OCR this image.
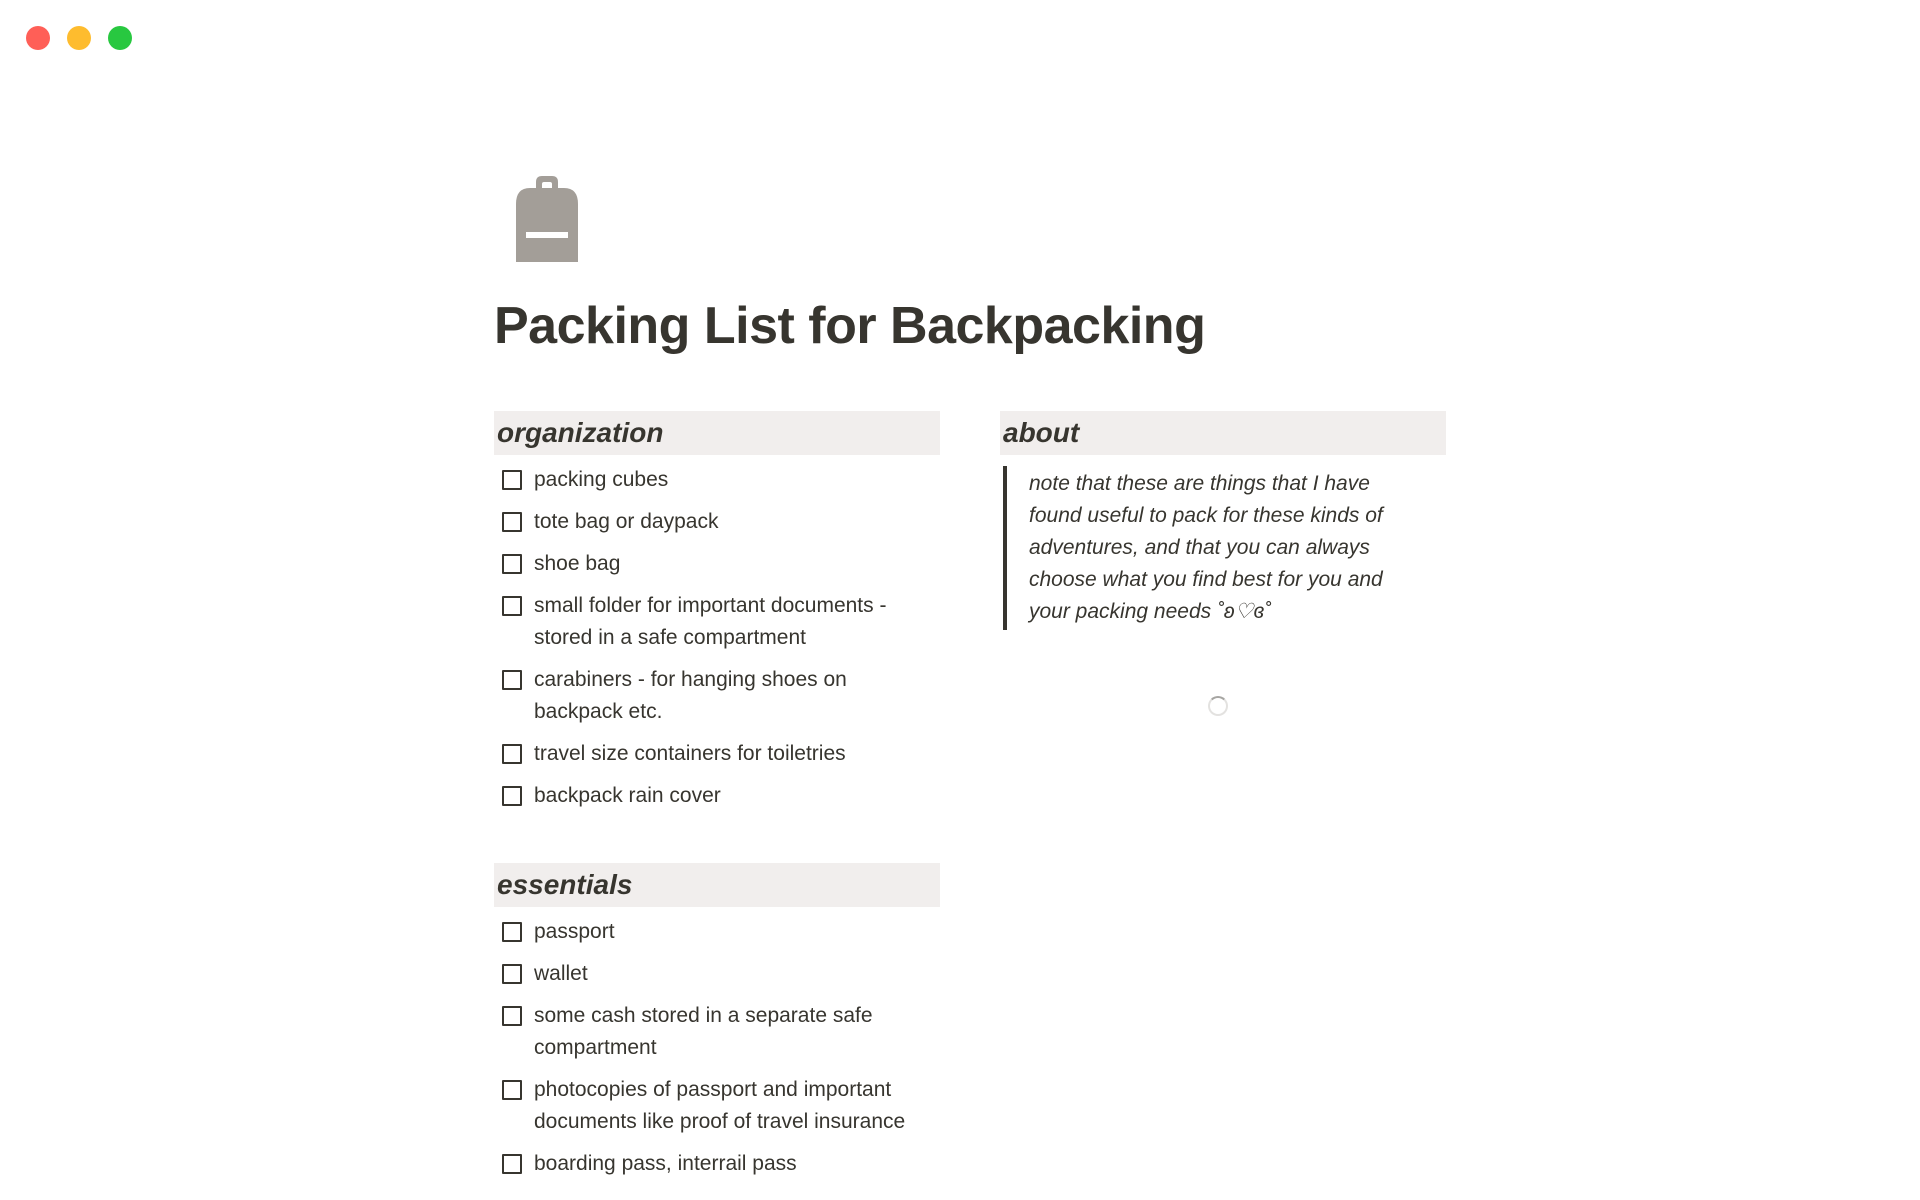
Packing List for Backpacking
organization
packing cubes
tote bag or daypack
shoe bag
small folder for important documents - stored in a safe compartment
carabiners - for hanging shoes on backpack etc.
travel size containers for toiletries
backpack rain cover
essentials
passport
wallet
some cash stored in a separate safe compartment
photocopies of passport and important documents like proof of travel insurance
boarding pass, interrail pass
about
note that these are things that I have found useful to pack for these kinds of adventures, and that you can always choose what you find best for you and your packing needs ˚ʚ♡ɞ˚
